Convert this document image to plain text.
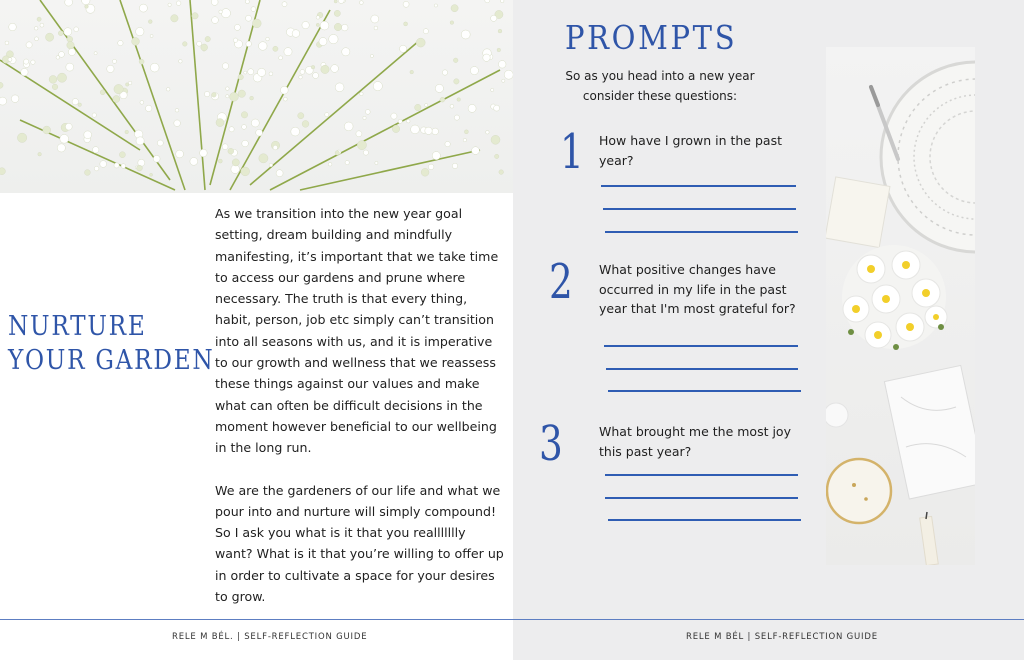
NURTURE
YOUR GARDEN

As we transition into the new year goal setting, dream building and mindfully manifesting, it’s important that we take time to access our gardens and prune where necessary. The truth is that every thing, habit, person, job etc simply can’t transition into all seasons with us, and it is imperative to our growth and wellness that we reassess these things against our values and make what can often be difficult decisions in the moment however beneficial to our wellbeing in the long run.

We are the gardeners of our life and what we pour into and nurture will simply compound! So I ask you what is it that you reallllllly want? What is it that you’re willing to offer up in order to cultivate a space for your desires to grow.

PROMPTS
So as you head into a new year
consider these questions:
1 How have I grown in the past year?
2 What positive changes have occurred in my life in the past year that I'm most grateful for?
3	What brought me the most joy this past year?
RELE M BÉL. | SELF-REFLECTION GUIDE	RELE M BÉL | SELF-REFLECTION GUIDE
